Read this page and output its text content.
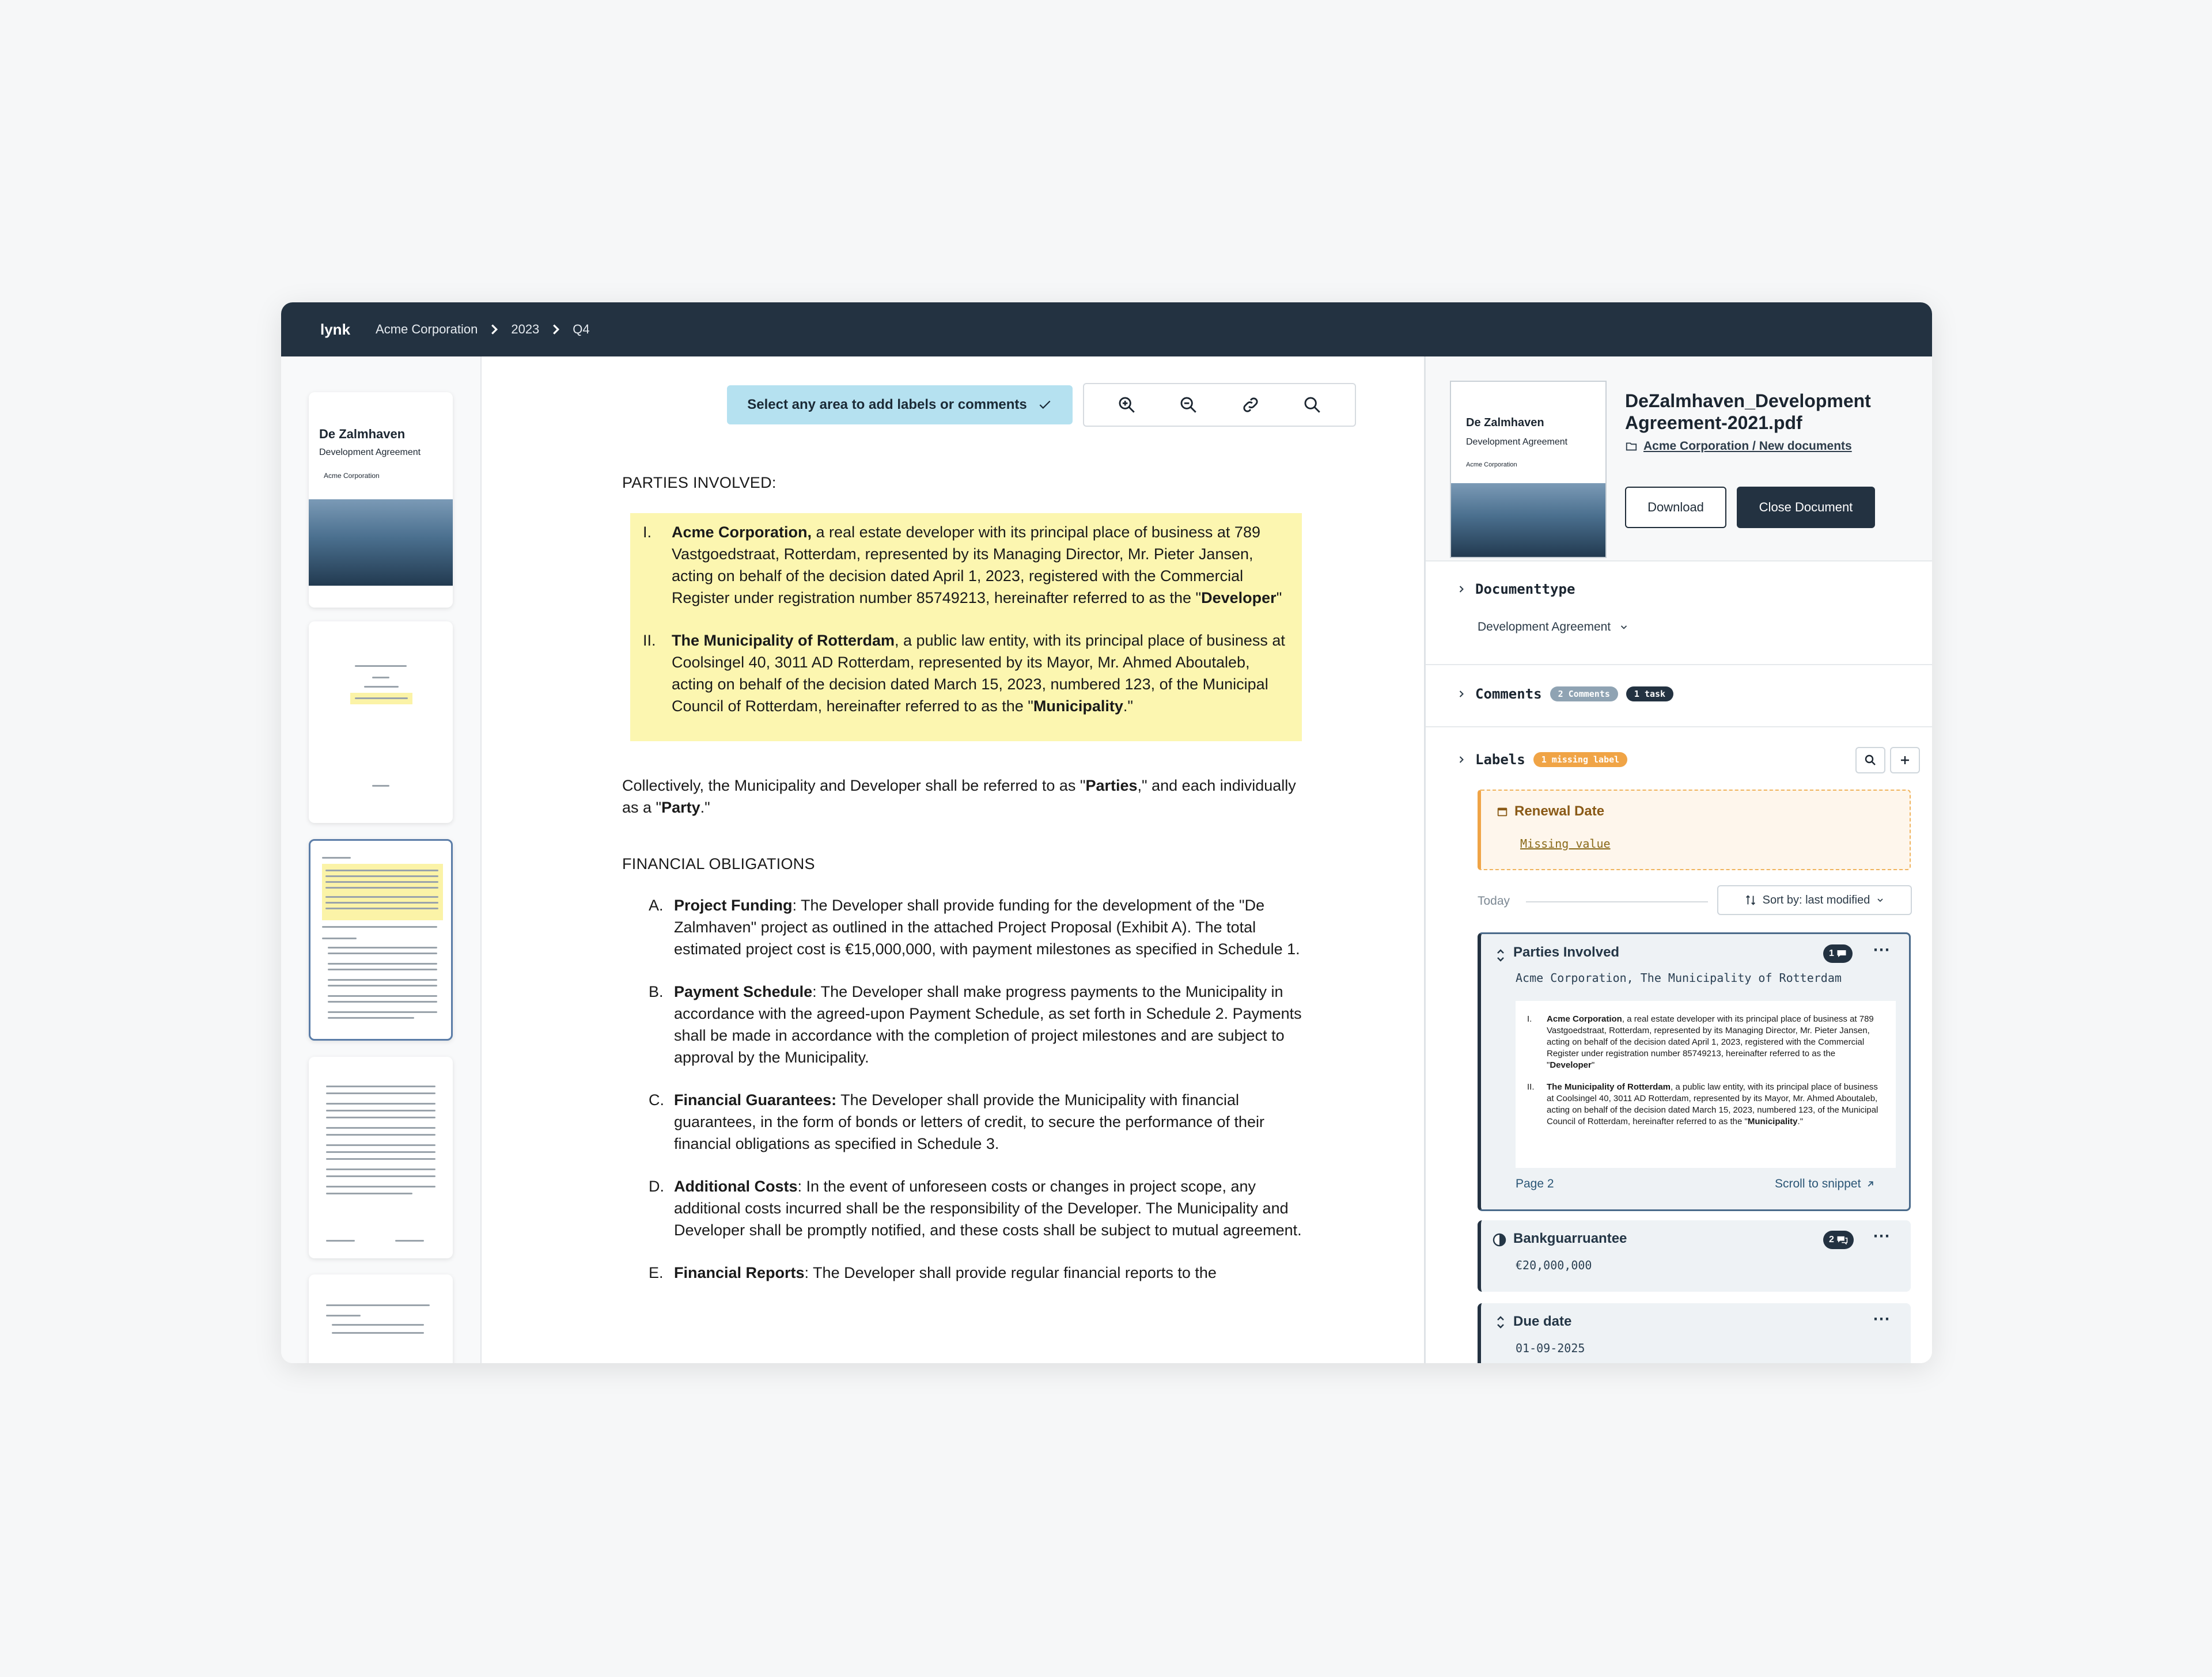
lynk Acme Corporation	2023	Q4
De Zalmhaven
Development Agreement
Acme Corporation
Select any area to add labels or comments
PARTIES INVOLVED:
I.	Acme Corporation, a real estate developer with its principal place of business at 789 Vastgoedstraat, Rotterdam, represented by its Managing Director, Mr. Pieter Jansen, acting on behalf of the decision dated April 1, 2023, registered with the Commercial Register under registration number 85749213, hereinafter referred to as the "Developer"
II.	The Municipality of Rotterdam, a public law entity, with its principal place of business at Coolsingel 40, 3011 AD Rotterdam, represented by its Mayor, Mr. Ahmed Aboutaleb, acting on behalf of the decision dated March 15, 2023, numbered 123, of the Municipal Council of Rotterdam, hereinafter referred to as the "Municipality."
Collectively, the Municipality and Developer shall be referred to as "Parties," and each individually as a "Party."
FINANCIAL OBLIGATIONS
A. Project Funding: The Developer shall provide funding for the development of the "De Zalmhaven" project as outlined in the attached Project Proposal (Exhibit A). The total estimated project cost is €15,000,000, with payment milestones as specified in Schedule 1.
B. Payment Schedule: The Developer shall make progress payments to the Municipality in accordance with the agreed-upon Payment Schedule, as set forth in Schedule 2. Payments shall be made in accordance with the completion of project milestones and are subject to approval by the Municipality.
C. Financial Guarantees: The Developer shall provide the Municipality with financial guarantees, in the form of bonds or letters of credit, to secure the performance of their financial obligations as specified in Schedule 3.
D. Additional Costs: In the event of unforeseen costs or changes in project scope, any additional costs incurred shall be the responsibility of the Developer. The Municipality and Developer shall be promptly notified, and these costs shall be subject to mutual agreement.
E. Financial Reports: The Developer shall provide regular financial reports to the
De Zalmhaven
Development Agreement
Acme Corporation
DeZalmhaven_Development Agreement-2021.pdf
Acme Corporation / New documents
Download	Close Document
Documenttype
Development Agreement
Comments	2 Comments	1 task
Labels	1 missing label
Renewal Date
Missing value
Today	Sort by: last modified
Parties Involved	1 ⋯
Acme Corporation, The Municipality of Rotterdam
I.	Acme Corporation, a real estate developer with its principal place of business at 789 Vastgoedstraat, Rotterdam, represented by its Managing Director, Mr. Pieter Jansen, acting on behalf of the decision dated April 1, 2023, registered with the Commercial Register under registration number 85749213, hereinafter referred to as the "Developer"
II.	The Municipality of Rotterdam, a public law entity, with its principal place of business at Coolsingel 40, 3011 AD Rotterdam, represented by its Mayor, Mr. Ahmed Aboutaleb, acting on behalf of the decision dated March 15, 2023, numbered 123, of the Municipal Council of Rotterdam, hereinafter referred to as the "Municipality."
Page 2	Scroll to snippet
Bankguarruantee	2 ⋯
€20,000,000
Due date	⋯
01-09-2025
